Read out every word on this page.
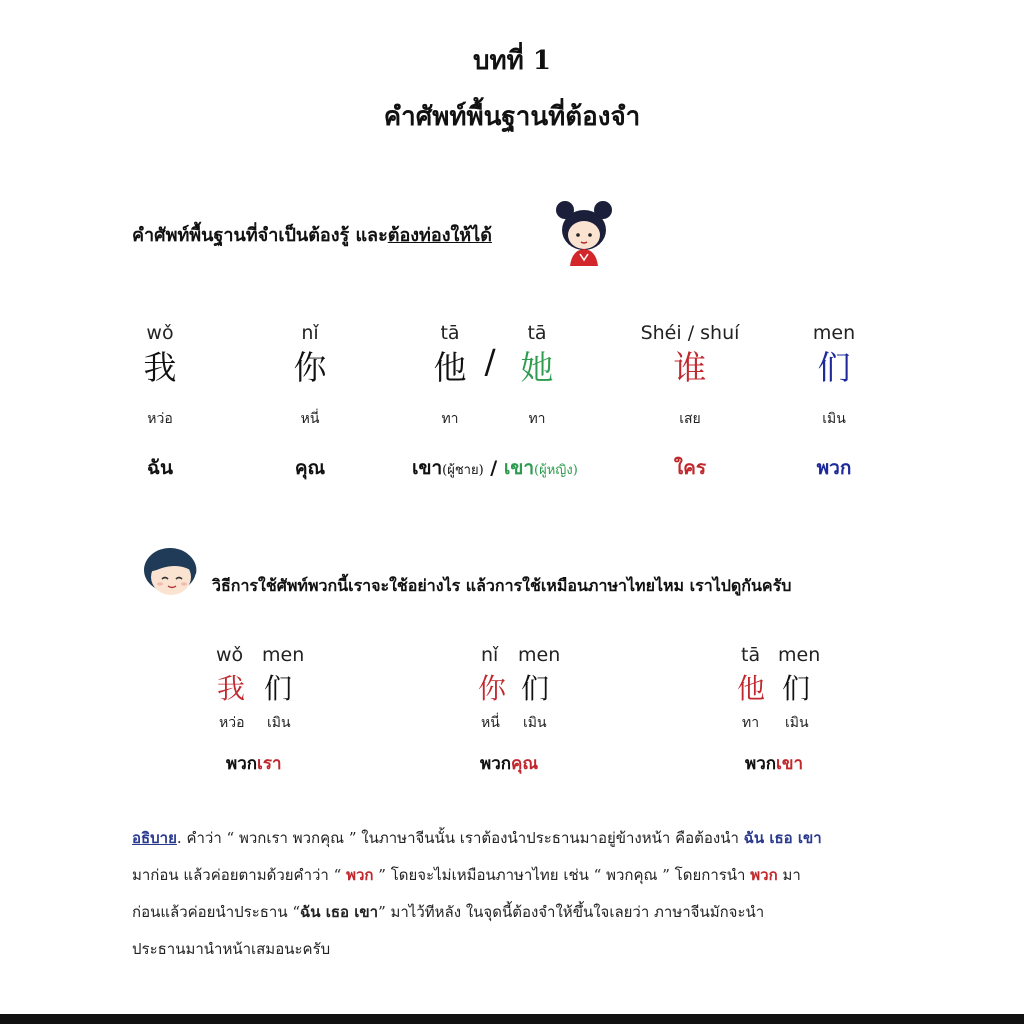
บทที่ 1
คำศัพท์พื้นฐานที่ต้องจำ
คำศัพท์พื้นฐานที่จำเป็นต้องรู้ และต้องท่องให้ได้
wǒ	nǐ	tā	tā	Shéi / shuí	men
我	你	他 / 她	谁	们
หว่อ	หนี่	ทา	ทา	เสย	เมิน
ฉัน	คุณ	เขา(ผู้ชาย) / เขา(ผู้หญิง)	ใคร	พวก
วิธีการใช้ศัพท์พวกนี้เราจะใช้อย่างไร แล้วการใช้เหมือนภาษาไทยไหม เราไปดูกันครับ
wǒ men
我 们
หว่อ เมิน
พวกเรา
nǐ men
你 们
หนี่ เมิน
พวกคุณ
tā men
他 们
ทา เมิน
พวกเขา
อธิบาย. คำว่า “ พวกเรา พวกคุณ ” ในภาษาจีนนั้น เราต้องนำประธานมาอยู่ข้างหน้า คือต้องนำ ฉัน เธอ เขา
มาก่อน แล้วค่อยตามด้วยคำว่า “ พวก ” โดยจะไม่เหมือนภาษาไทย เช่น “ พวกคุณ ” โดยการนำ พวก มา
ก่อนแล้วค่อยนำประธาน “ฉัน เธอ เขา” มาไว้ทีหลัง ในจุดนี้ต้องจำให้ขึ้นใจเลยว่า ภาษาจีนมักจะนำ
ประธานมานำหน้าเสมอนะครับ
